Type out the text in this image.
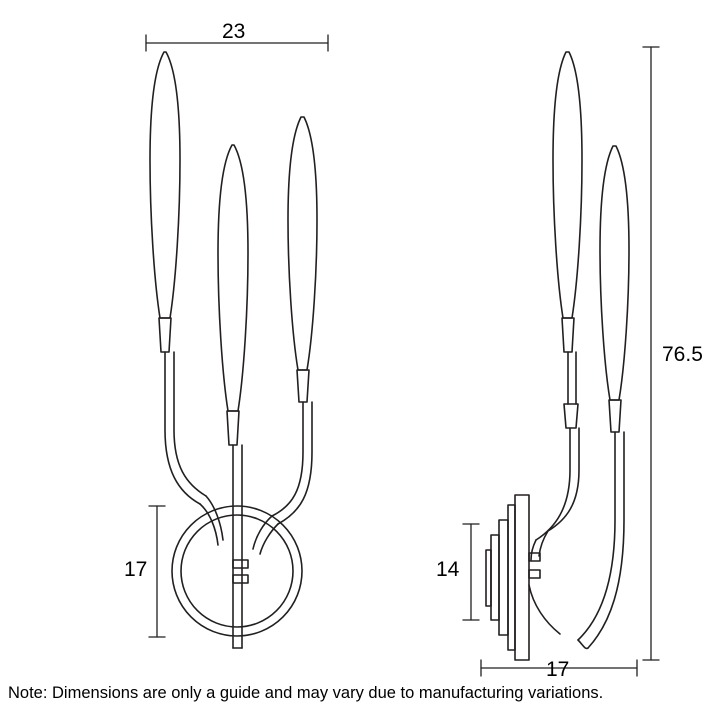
23
17
76.5
14
17
Note: Dimensions are only a guide and may vary due to manufacturing variations.
